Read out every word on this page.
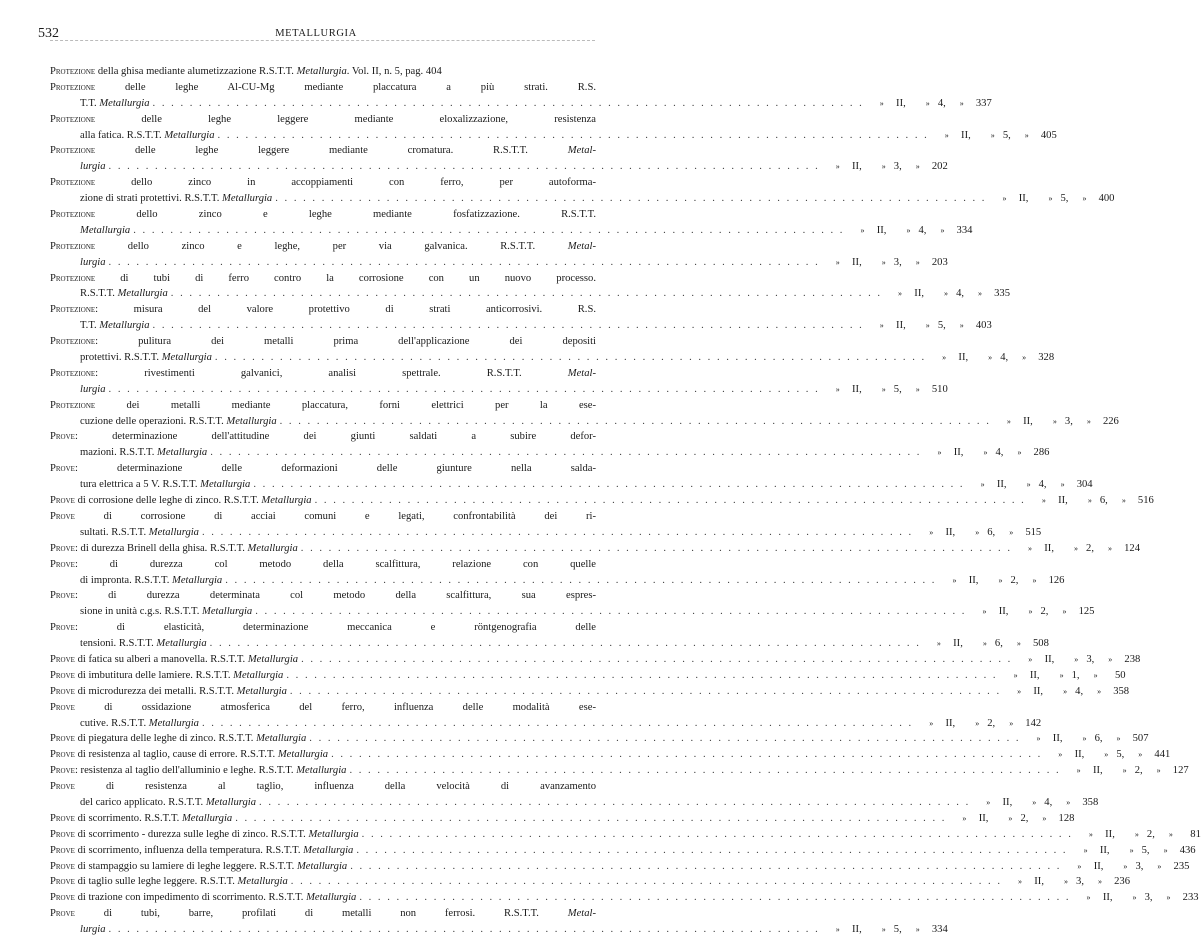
532	METALLURGIA
Protezione della ghisa mediante alumetizzazione R.S.T.T. Metallurgia. Vol. II, n. 5, pag. 404
Protezione delle leghe Al-CU-Mg mediante placcatura a più strati. R.S.
T.T. Metallurgia . . .	»	II,	» 4,	»	337
Protezione delle leghe leggere mediante eloxalizzazione, resistenza
alla fatica. R.S.T.T. Metallurgia . . .	»	II,	» 5,	»	405
Protezione delle leghe leggere mediante cromatura. R.S.T.T. Metal-
lurgia . . .	»	II,	» 3,	»	202
Protezione dello zinco in accoppiamenti con ferro, per autoforma-
zione di strati protettivi. R.S.T.T. Metallurgia . . .	»	II,	» 5,	»	400
Protezione dello zinco e leghe mediante fosfatizzazione. R.S.T.T.
Metallurgia . . .	»	II,	» 4,	»	334
Protezione dello zinco e leghe, per via galvanica. R.S.T.T. Metal-
lurgia . . .	»	II,	» 3,	»	203
Protezione di tubi di ferro contro la corrosione con un nuovo processo.
R.S.T.T. Metallurgia . . .	»	II,	» 4,	»	335
Protezione: misura del valore protettivo di strati anticorrosivi. R.S.
T.T. Metallurgia . . .	»	II,	» 5,	»	403
Protezione: pulitura dei metalli prima dell'applicazione dei depositi
protettivi. R.S.T.T. Metallurgia . . .	»	II,	» 4,	»	328
Protezione: rivestimenti galvanici, analisi spettrale. R.S.T.T. Metal-
lurgia . . .	»	II,	» 5,	»	510
Protezione dei metalli mediante placcatura, forni elettrici per la ese-
cuzione delle operazioni. R.S.T.T. Metallurgia . . .	»	II,	» 3,	»	226
Prove: determinazione dell'attitudine dei giunti saldati a subire defor-
mazioni. R.S.T.T. Metallurgia . . .	»	II,	» 4,	»	286
Prove: determinazione delle deformazioni delle giunture nella salda-
tura elettrica a 5 V. R.S.T.T. Metallurgia . . .	»	II,	» 4,	»	304
Prove di corrosione delle leghe di zinco. R.S.T.T. Metallurgia . . .	»	II,	» 6,	»	516
Prove di corrosione di acciai comuni e legati, confrontabilità dei ri-
sultati. R.S.T.T. Metallurgia . . .	»	II,	» 6,	»	515
Prove: di durezza Brinell della ghisa. R.S.T.T. Metallurgia . . .	»	II,	» 2,	»	124
Prove: di durezza col metodo della scalfittura, relazione con quelle
di impronta. R.S.T.T. Metallurgia . . .	»	II,	» 2,	»	126
Prove: di durezza determinata col metodo della scalfittura, sua espres-
sione in unità c.g.s. R.S.T.T. Metallurgia . . .	»	II,	» 2,	»	125
Prove: di elasticità, determinazione meccanica e röntgenografia delle
tensioni. R.S.T.T. Metallurgia . . .	»	II,	» 6,	»	508
Prove di fatica su alberi a manovella. R.S.T.T. Metallurgia . . .	»	II,	» 3,	»	238
Prove di imbutitura delle lamiere. R.S.T.T. Metallurgia . . .	»	II,	» 1,	»	50
Prove di microdurezza dei metalli. R.S.T.T. Metallurgia . . .	»	II,	» 4,	»	358
Prove di ossidazione atmosferica del ferro, influenza delle modalità ese-
cutive. R.S.T.T. Metallurgia . . .	»	II,	» 2,	»	142
Prove di piegatura delle leghe di zinco. R.S.T.T. Metallurgia . . .	»	II,	» 6,	»	507
Prove di resistenza al taglio, cause di errore. R.S.T.T. Metallurgia . . .	»	II,	» 5,	»	441
Prove: resistenza al taglio dell'alluminio e leghe. R.S.T.T. Metallurgia . . .	»	II,	» 2,	»	127
Prove di resistenza al taglio, influenza della velocità di avanzamento
del carico applicato. R.S.T.T. Metallurgia . . .	»	II,	» 4,	»	358
Prove di scorrimento. R.S.T.T. Metallurgia . . .	»	II,	» 2,	»	128
Prove di scorrimento - durezza sulle leghe di zinco. R.S.T.T. Metallurgia . . .	»	II,	» 2,	»	81
Prove di scorrimento, influenza della temperatura. R.S.T.T. Metallurgia . . .	»	II,	» 5,	»	436
Prove di stampaggio su lamiere di leghe leggere. R.S.T.T. Metallurgia . . .	»	II,	» 3,	»	235
Prove di taglio sulle leghe leggere. R.S.T.T. Metallurgia . . .	»	II,	» 3,	»	236
Prove di trazione con impedimento di scorrimento. R.S.T.T. Metallurgia . . .	»	II,	» 3,	»	233
Prove di tubi, barre, profilati di metalli non ferrosi. R.S.T.T. Metal-
lurgia . . .	»	II,	» 5,	»	334
